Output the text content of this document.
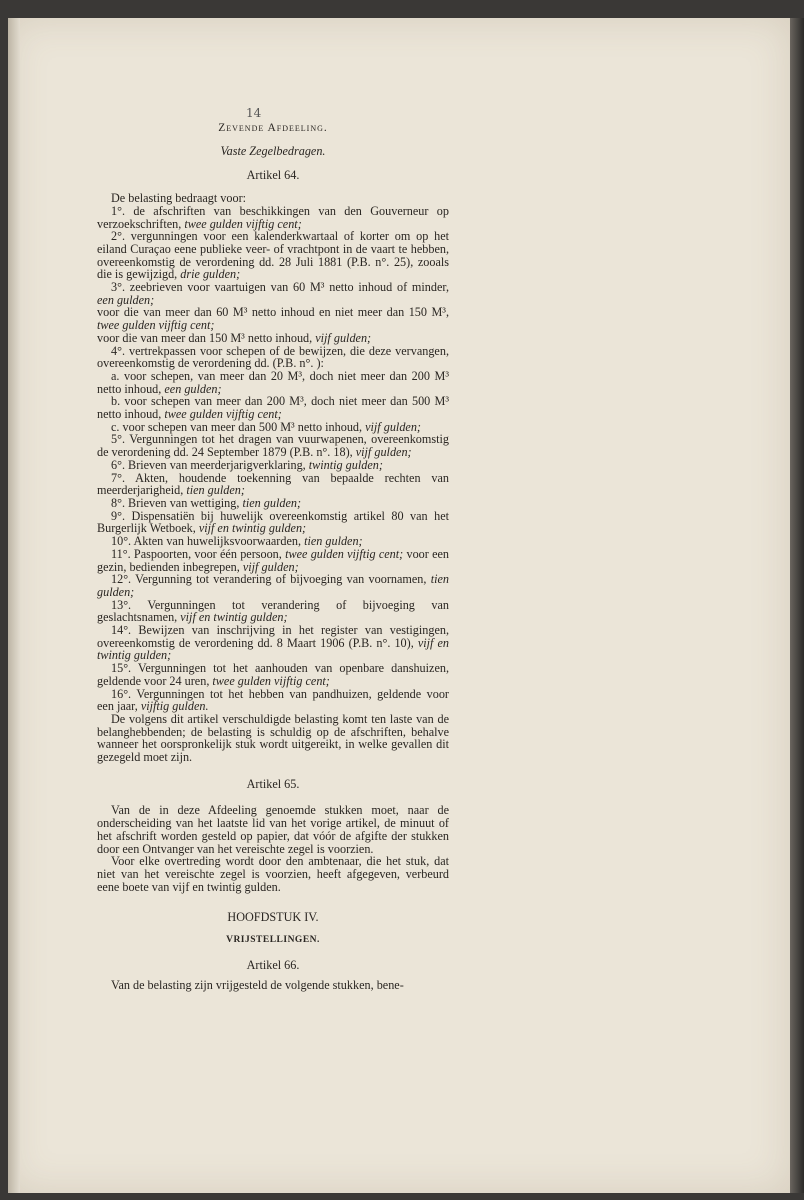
14
Zevende Afdeeling.
Vaste Zegelbedragen.
Artikel 64.

De belasting bedraagt voor:

1°. de afschriften van beschikkingen van den Gouverneur op verzoekschriften, twee gulden vijftig cent;

2°. vergunningen voor een kalenderkwartaal of korter om op het eiland Curaçao eene publieke veer- of vrachtpont in de vaart te hebben, overeenkomstig de verordening dd. 28 Juli 1881 (P.B. n°. 25), zooals die is gewijzigd, drie gulden;

3°. zeebrieven voor vaartuigen van 60 M³ netto inhoud of minder, een gulden;

voor die van meer dan 60 M³ netto inhoud en niet meer dan 150 M³, twee gulden vijftig cent;

voor die van meer dan 150 M³ netto inhoud, vijf gulden;

4°. vertrekpassen voor schepen of de bewijzen, die deze vervangen, overeenkomstig de verordening dd. (P.B. n°. ):

a. voor schepen, van meer dan 20 M³, doch niet meer dan 200 M³ netto inhoud, een gulden;

b. voor schepen van meer dan 200 M³, doch niet meer dan 500 M³ netto inhoud, twee gulden vijftig cent;

c. voor schepen van meer dan 500 M³ netto inhoud, vijf gulden;

5°. Vergunningen tot het dragen van vuurwapenen, overeenkomstig de verordening dd. 24 September 1879 (P.B. n°. 18), vijf gulden;

6°. Brieven van meerderjarigverklaring, twintig gulden;

7°. Akten, houdende toekenning van bepaalde rechten van meerderjarigheid, tien gulden;

8°. Brieven van wettiging, tien gulden;

9°. Dispensatiën bij huwelijk overeenkomstig artikel 80 van het Burgerlijk Wetboek, vijf en twintig gulden;

10°. Akten van huwelijksvoorwaarden, tien gulden;

11°. Paspoorten, voor één persoon, twee gulden vijftig cent; voor een gezin, bedienden inbegrepen, vijf gulden;

12°. Vergunning tot verandering of bijvoeging van voornamen, tien gulden;

13°. Vergunningen tot verandering of bijvoeging van geslachtsnamen, vijf en twintig gulden;

14°. Bewijzen van inschrijving in het register van vestigingen, overeenkomstig de verordening dd. 8 Maart 1906 (P.B. n°. 10), vijf en twintig gulden;

15°. Vergunningen tot het aanhouden van openbare danshuizen, geldende voor 24 uren, twee gulden vijftig cent;

16°. Vergunningen tot het hebben van pandhuizen, geldende voor een jaar, vijftig gulden.

De volgens dit artikel verschuldigde belasting komt ten laste van de belanghebbenden; de belasting is schuldig op de afschriften, behalve wanneer het oorspronkelijk stuk wordt uitgereikt, in welke gevallen dit gezegeld moet zijn.

Artikel 65.

Van de in deze Afdeeling genoemde stukken moet, naar de onderscheiding van het laatste lid van het vorige artikel, de minuut of het afschrift worden gesteld op papier, dat vóór de afgifte der stukken door een Ontvanger van het vereischte zegel is voorzien.

Voor elke overtreding wordt door den ambtenaar, die het stuk, dat niet van het vereischte zegel is voorzien, heeft afgegeven, verbeurd eene boete van vijf en twintig gulden.

HOOFDSTUK IV.
VRIJSTELLINGEN.
Artikel 66.

Van de belasting zijn vrijgesteld de volgende stukken, bene-
